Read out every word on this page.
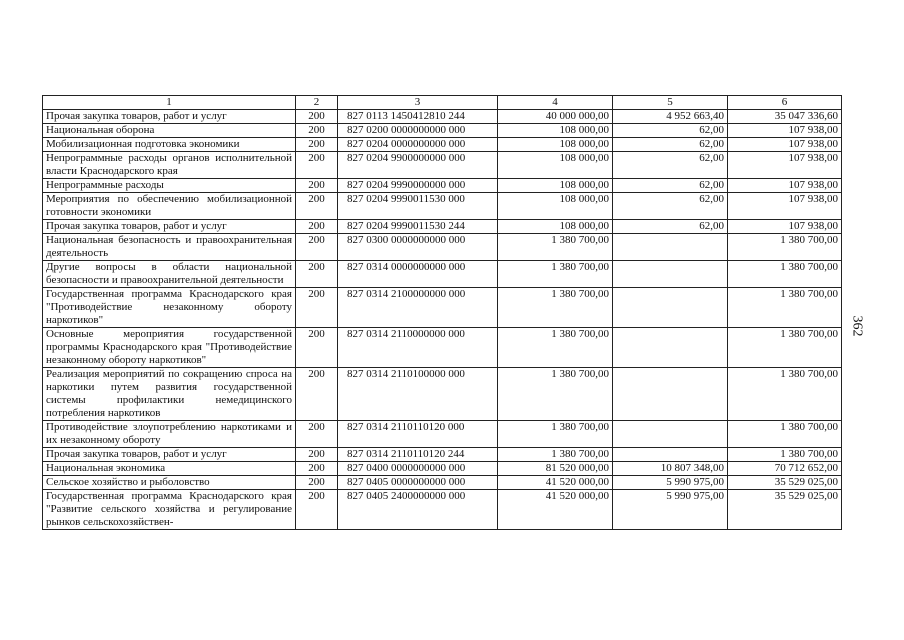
1	2	3	4	5	6
Прочая закупка товаров, работ и услуг	200	827 0113 1450412810 244	40 000 000,00	4 952 663,40	35 047 336,60
Национальная оборона	200	827 0200 0000000000 000	108 000,00	62,00	107 938,00
Мобилизационная подготовка экономики	200	827 0204 0000000000 000	108 000,00	62,00	107 938,00
Непрограммные расходы органов исполнительной власти Краснодарского края	200	827 0204 9900000000 000	108 000,00	62,00	107 938,00
Непрограммные расходы	200	827 0204 9990000000 000	108 000,00	62,00	107 938,00
Мероприятия по обеспечению мобилизационной готовности экономики	200	827 0204 9990011530 000	108 000,00	62,00	107 938,00
Прочая закупка товаров, работ и услуг	200	827 0204 9990011530 244	108 000,00	62,00	107 938,00
Национальная безопасность и правоохранительная деятельность	200	827 0300 0000000000 000	1 380 700,00		1 380 700,00
Другие вопросы в области национальной безопасности и правоохранительной деятельности	200	827 0314 0000000000 000	1 380 700,00		1 380 700,00
Государственная программа Краснодарского края "Противодействие незаконному обороту наркотиков"	200	827 0314 2100000000 000	1 380 700,00		1 380 700,00
Основные мероприятия государственной программы Краснодарского края "Противодействие незаконному обороту наркотиков"	200	827 0314 2110000000 000	1 380 700,00		1 380 700,00
Реализация мероприятий по сокращению спроса на наркотики путем развития государственной системы профилактики немедицинского потребления наркотиков	200	827 0314 2110100000 000	1 380 700,00		1 380 700,00
Противодействие злоупотреблению наркотиками и их незаконному обороту	200	827 0314 2110110120 000	1 380 700,00		1 380 700,00
Прочая закупка товаров, работ и услуг	200	827 0314 2110110120 244	1 380 700,00		1 380 700,00
Национальная экономика	200	827 0400 0000000000 000	81 520 000,00	10 807 348,00	70 712 652,00
Сельское хозяйство и рыболовство	200	827 0405 0000000000 000	41 520 000,00	5 990 975,00	35 529 025,00
Государственная программа Краснодарского края "Развитие сельского хозяйства и регулирование рынков сельскохозяйствен-	200	827 0405 2400000000 000	41 520 000,00	5 990 975,00	35 529 025,00
362
